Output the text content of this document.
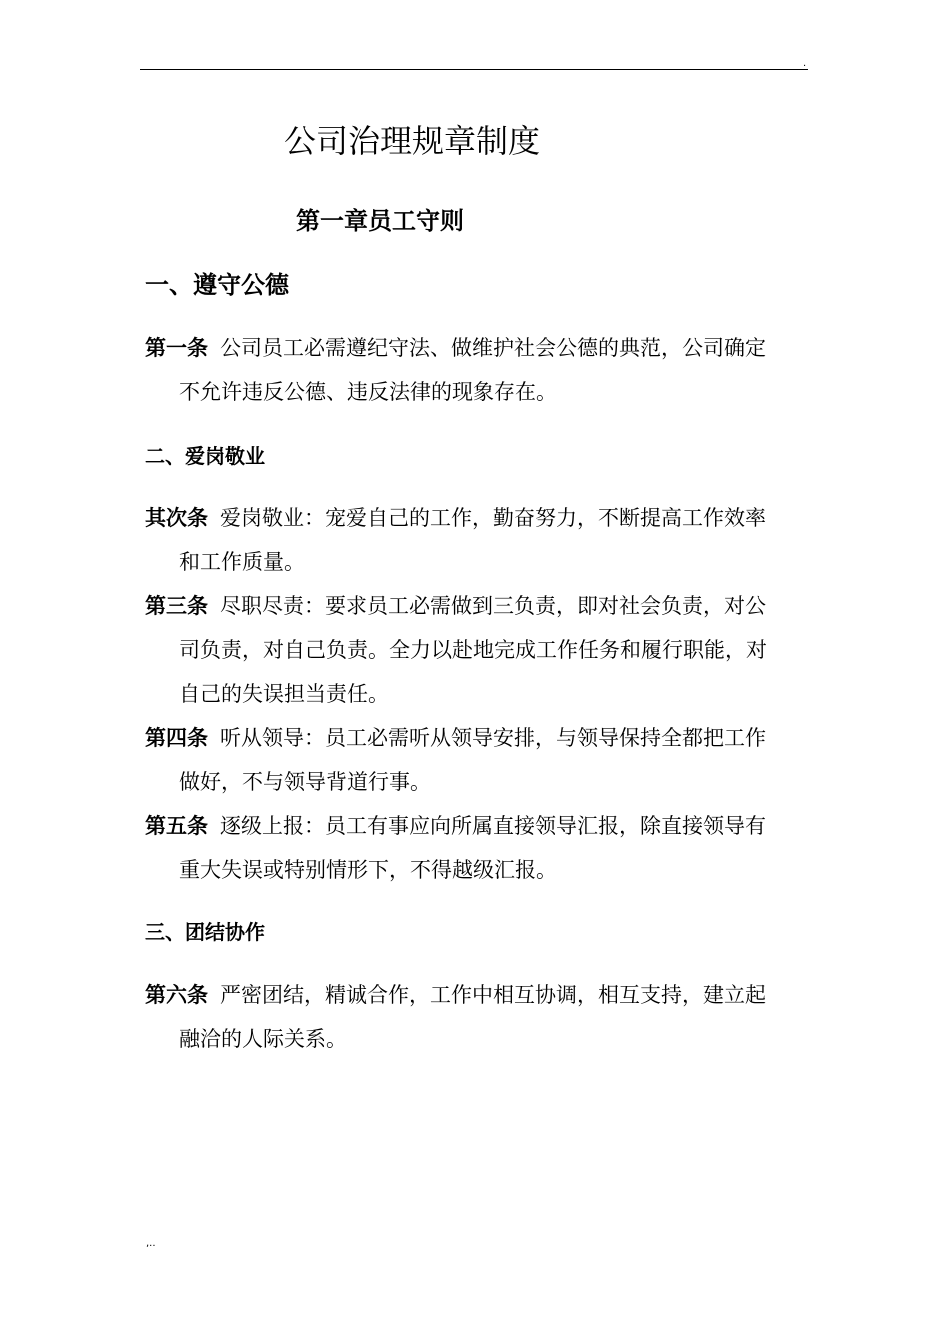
.
公司治理规章制度
第一章员工守则
一、遵守公德

第一条 公司员工必需遵纪守法、做维护社会公德的典范，公司确定
不允许违反公德、违反法律的现象存在。

二、爱岗敬业

其次条 爱岗敬业：宠爱自己的工作，勤奋努力，不断提高工作效率
和工作质量。

第三条 尽职尽责：要求员工必需做到三负责，即对社会负责，对公
司负责，对自己负责。全力以赴地完成工作任务和履行职能，对
自己的失误担当责任。

第四条 听从领导：员工必需听从领导安排，与领导保持全都把工作
做好，不与领导背道行事。

第五条 逐级上报：员工有事应向所属直接领导汇报，除直接领导有
重大失误或特别情形下，不得越级汇报。

三、团结协作

第六条 严密团结，精诚合作，工作中相互协调，相互支持，建立起
融洽的人际关系。

,..
